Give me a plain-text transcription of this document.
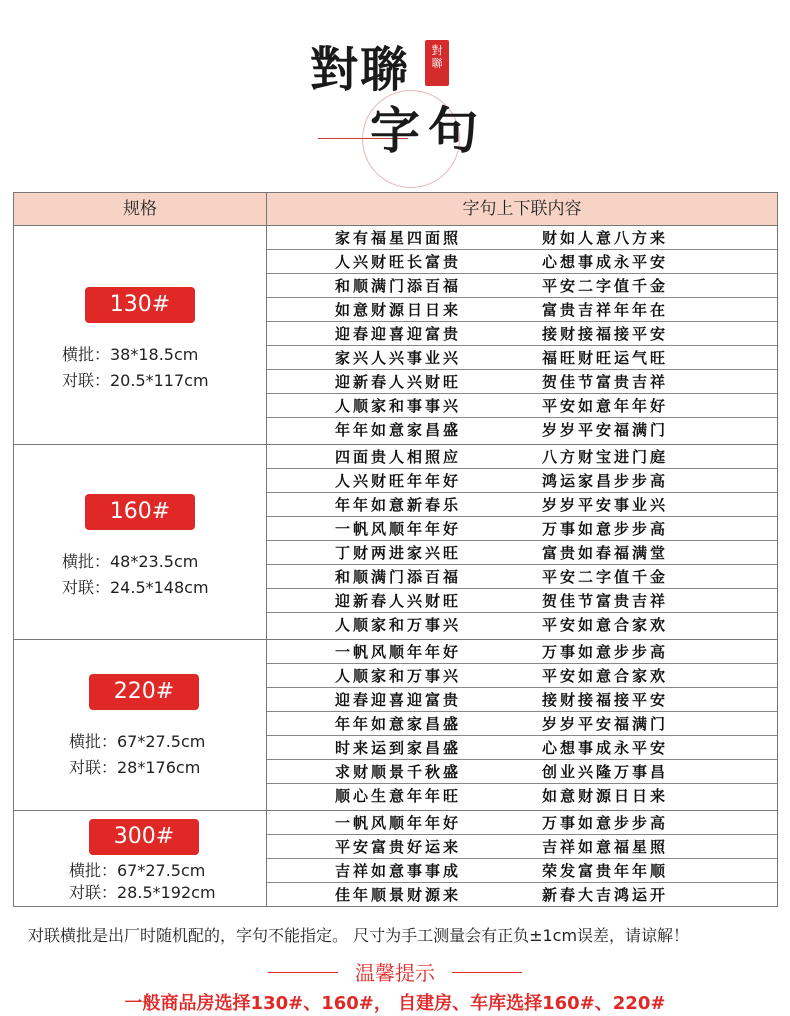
對聯
字句
對
聯
规格	字句上下联内容
130#
横批：38*18.5cm
对联：20.5*117cm
家有福星四面照	财如人意八方来
人兴财旺长富贵	心想事成永平安
和顺满门添百福	平安二字值千金
如意财源日日来	富贵吉祥年年在
迎春迎喜迎富贵	接财接福接平安
家兴人兴事业兴	福旺财旺运气旺
迎新春人兴财旺	贺佳节富贵吉祥
人顺家和事事兴	平安如意年年好
年年如意家昌盛	岁岁平安福满门
160#
横批：48*23.5cm
对联：24.5*148cm
四面贵人相照应	八方财宝进门庭
人兴财旺年年好	鸿运家昌步步高
年年如意新春乐	岁岁平安事业兴
一帆风顺年年好	万事如意步步高
丁财两进家兴旺	富贵如春福满堂
和顺满门添百福	平安二字值千金
迎新春人兴财旺	贺佳节富贵吉祥
人顺家和万事兴	平安如意合家欢
220#
横批：67*27.5cm
对联：28*176cm
一帆风顺年年好	万事如意步步高
人顺家和万事兴	平安如意合家欢
迎春迎喜迎富贵	接财接福接平安
年年如意家昌盛	岁岁平安福满门
时来运到家昌盛	心想事成永平安
求财顺景千秋盛	创业兴隆万事昌
顺心生意年年旺	如意财源日日来
300#
横批：67*27.5cm
对联：28.5*192cm
一帆风顺年年好	万事如意步步高
平安富贵好运来	吉祥如意福星照
吉祥如意事事成	荣发富贵年年顺
佳年顺景财源来	新春大吉鸿运开
对联横批是出厂时随机配的，字句不能指定。 尺寸为手工测量会有正负±1cm误差，请谅解！
温馨提示
一般商品房选择130#、160#， 自建房、车库选择160#、220#
